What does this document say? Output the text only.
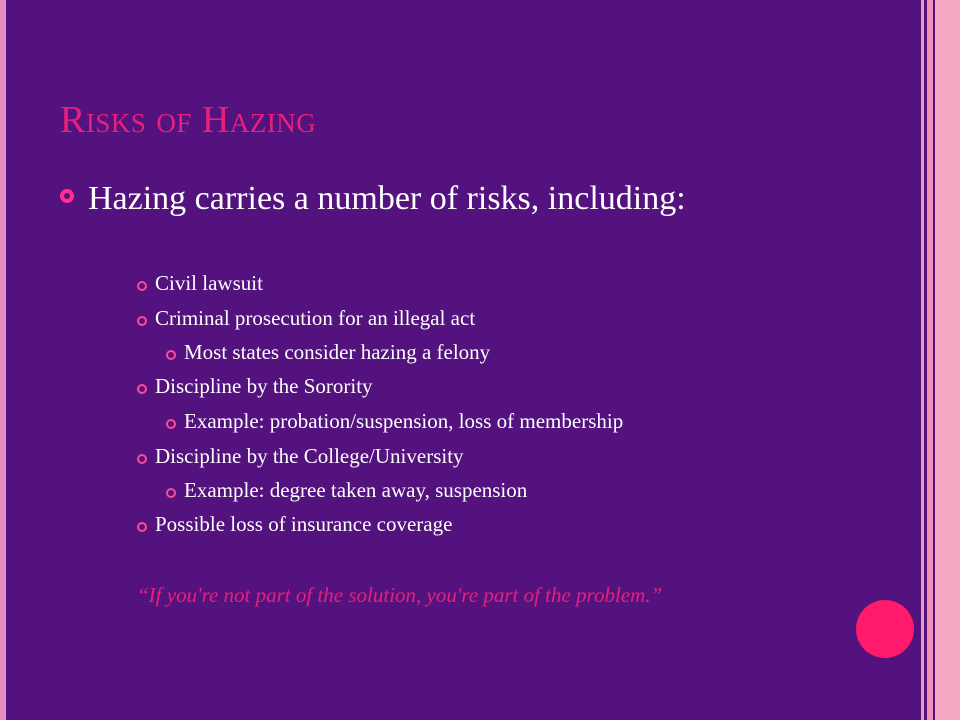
Risks of Hazing
Hazing carries a number of risks, including:
Civil lawsuit
Criminal prosecution for an illegal act
Most states consider hazing a felony
Discipline by the Sorority
Example: probation/suspension, loss of membership
Discipline by the College/University
Example: degree taken away, suspension
Possible loss of insurance coverage
“If you're not part of the solution, you're part of the problem.”
